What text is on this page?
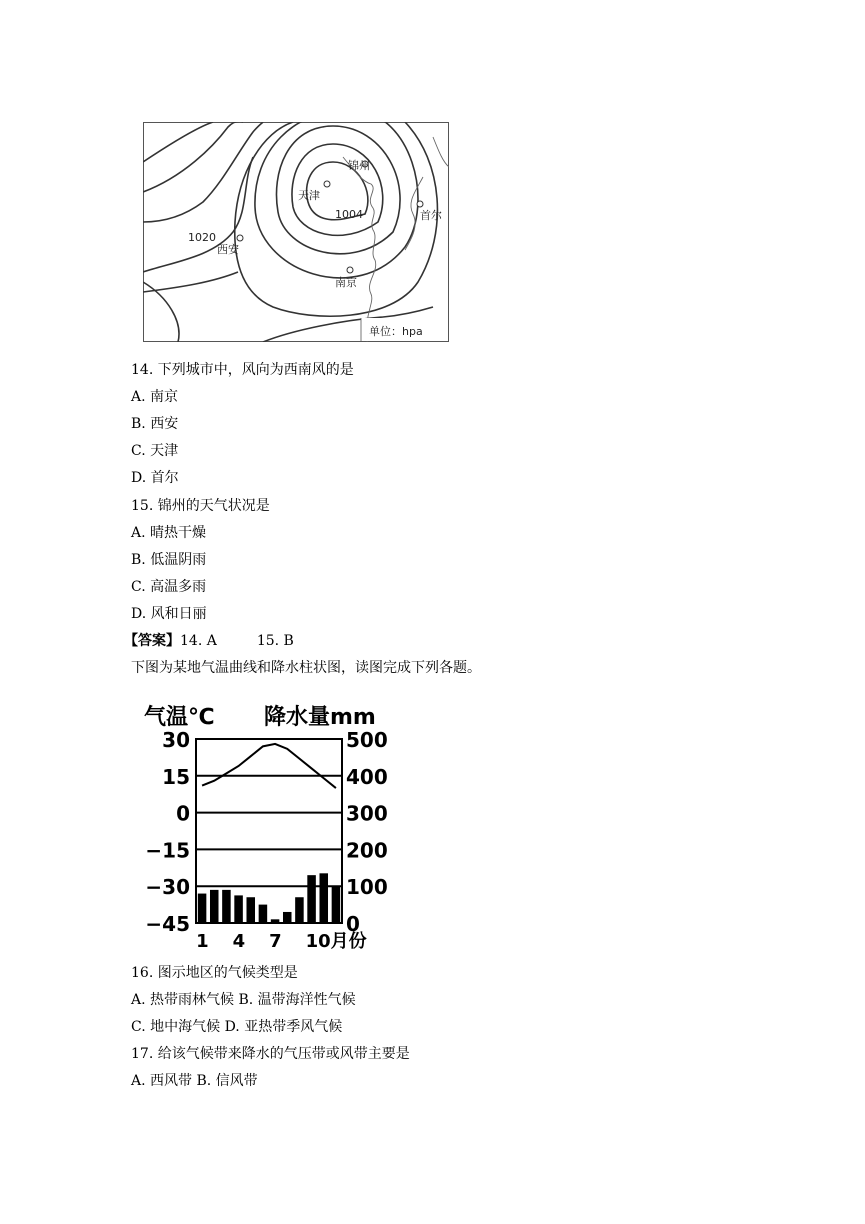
锦州
天津
西安
南京
首尔
1004
1020
单位：hpa
14. 下列城市中，风向为西南风的是
A. 南京
B. 西安
C. 天津
D. 首尔
15. 锦州的天气状况是
A. 晴热干燥
B. 低温阴雨
C. 高温多雨
D. 风和日丽
【答案】14. A	15. B
下图为某地气温曲线和降水柱状图，读图完成下列各题。
气温℃ 降水量mm
30
15
0
−15
−30
−45
500
400
300
200
100
0
1 4 7 10月份
16. 图示地区的气候类型是
A. 热带雨林气候 B. 温带海洋性气候
C. 地中海气候 D. 亚热带季风气候
17. 给该气候带来降水的气压带或风带主要是
A. 西风带 B. 信风带
